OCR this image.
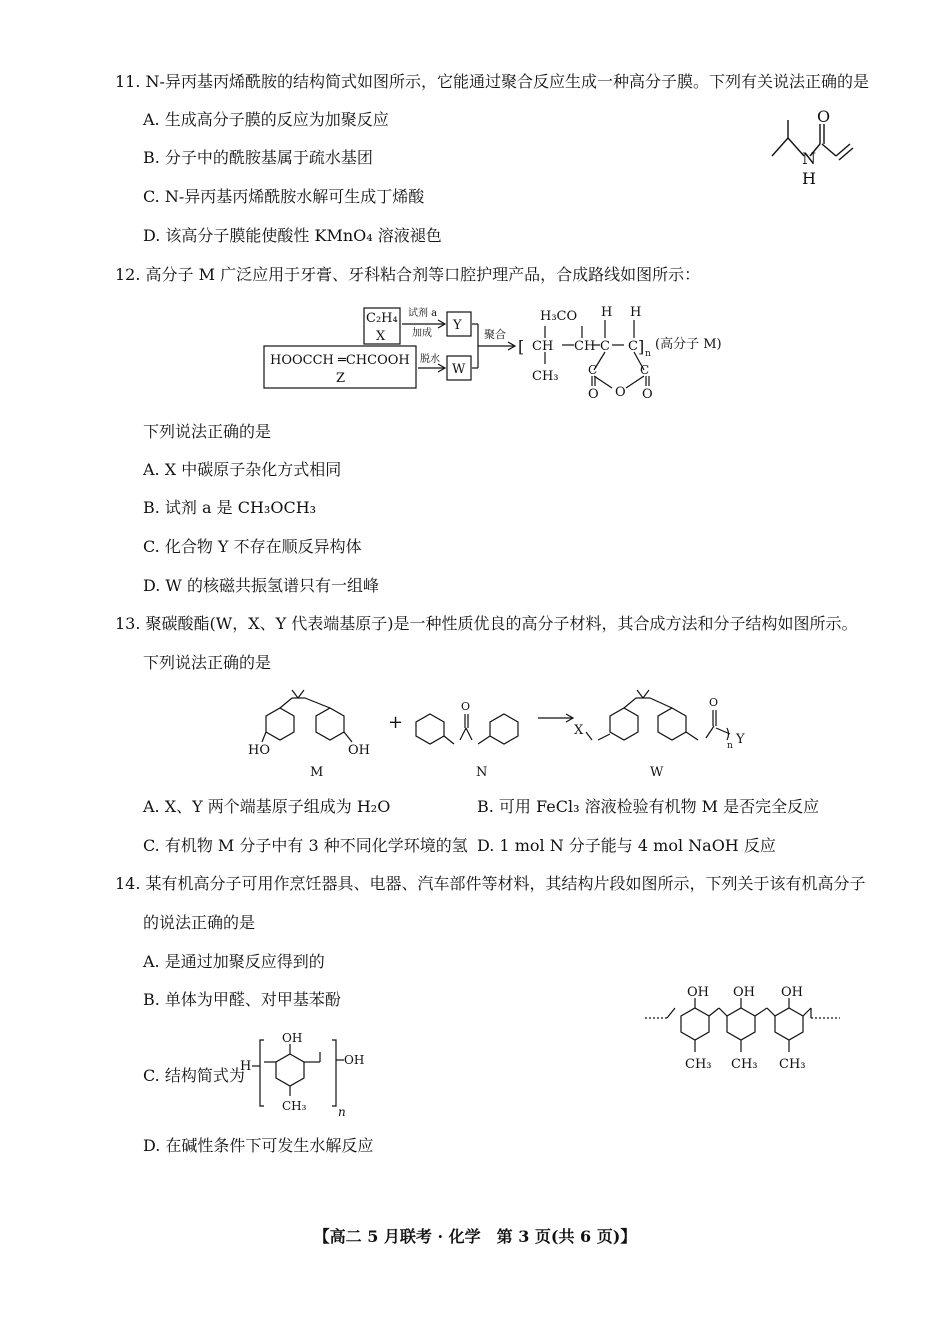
11. N-异丙基丙烯酰胺的结构简式如图所示，它能通过聚合反应生成一种高分子膜。下列有关说法正确的是
A. 生成高分子膜的反应为加聚反应
B. 分子中的酰胺基属于疏水基团
C. N-异丙基丙烯酰胺水解可生成丁烯酸
D. 该高分子膜能使酸性 KMnO₄ 溶液褪色
O
N
H
12. 高分子 M 广泛应用于牙膏、牙科粘合剂等口腔护理产品，合成路线如图所示：
C₂H₄
X
试剂 a
加成
Y
HOOCCH ═CHCOOH
Z
脱水
W
聚合
[
H₃CO H H
CH CH C C ] n
CH₃ C	C
O O O
(高分子 M)
下列说法正确的是
A. X 中碳原子杂化方式相同
B. 试剂 a 是 CH₃OCH₃
C. 化合物 Y 不存在顺反异构体
D. W 的核磁共振氢谱只有一组峰
13. 聚碳酸酯(W，X、Y 代表端基原子)是一种性质优良的高分子材料，其合成方法和分子结构如图所示。
下列说法正确的是
HO	OH
+
M	N	W
X
Y
O
O
n
A. X、Y 两个端基原子组成为 H₂O	B. 可用 FeCl₃ 溶液检验有机物 M 是否完全反应
C. 有机物 M 分子中有 3 种不同化学环境的氢 D. 1 mol N 分子能与 4 mol NaOH 反应
14. 某有机高分子可用作烹饪器具、电器、汽车部件等材料，其结构片段如图所示，下列关于该有机高分子
的说法正确的是
A. 是通过加聚反应得到的
B. 单体为甲醛、对甲基苯酚
C. 结构简式为
H
OH
CH₃
OH
n
D. 在碱性条件下可发生水解反应
OH OH OH
CH₃ CH₃ CH₃
【高二 5 月联考 · 化学　第 3 页(共 6 页)】
